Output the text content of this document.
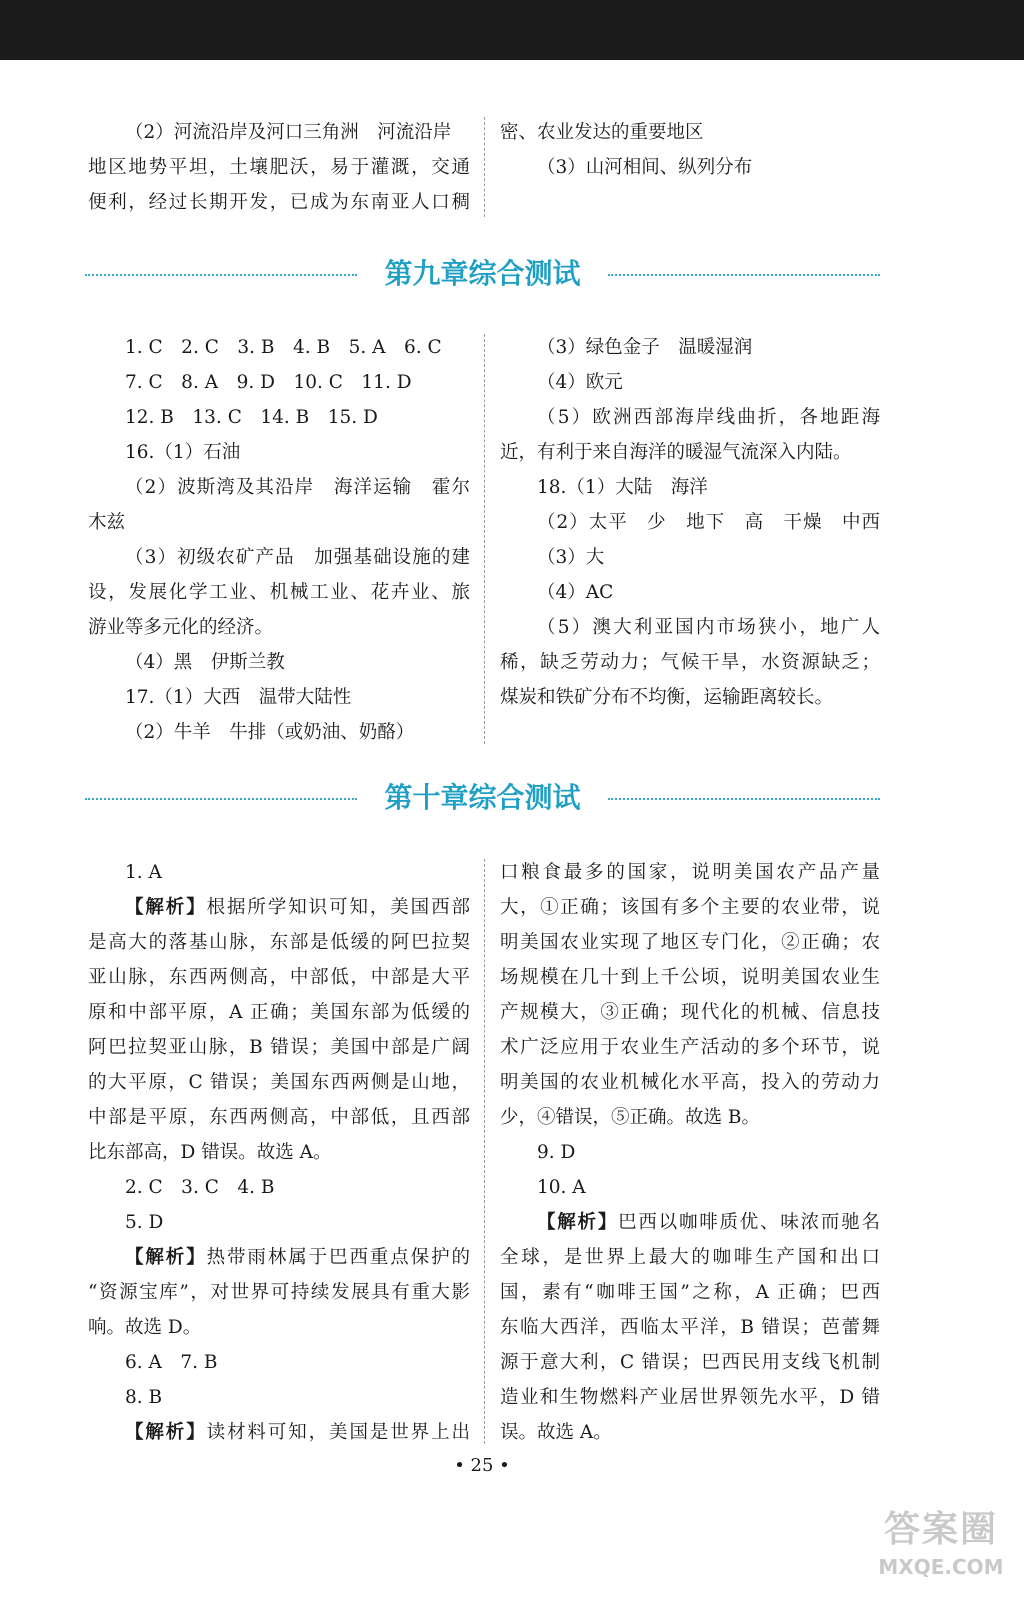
（2）河流沿岸及河口三角洲　河流沿岸
地区地势平坦，土壤肥沃，易于灌溉，交通
便利，经过长期开发，已成为东南亚人口稠
密、农业发达的重要地区
（3）山河相间、纵列分布
第九章综合测试
1. C　2. C　3. B　4. B　5. A　6. C
7. C　8. A　9. D　10. C　11. D
12. B　13. C　14. B　15. D
16.（1）石油
（2）波斯湾及其沿岸　海洋运输　霍尔
木兹
（3）初级农矿产品　加强基础设施的建
设，发展化学工业、机械工业、花卉业、旅
游业等多元化的经济。
（4）黑　伊斯兰教
17.（1）大西　温带大陆性
（2）牛羊　牛排（或奶油、奶酪）
（3）绿色金子　温暖湿润
（4）欧元
（5）欧洲西部海岸线曲折，各地距海
近，有利于来自海洋的暖湿气流深入内陆。
18.（1）大陆　海洋
（2）太平　少　地下　高　干燥　中西
（3）大
（4）AC
（5）澳大利亚国内市场狭小，地广人
稀，缺乏劳动力；气候干旱，水资源缺乏；
煤炭和铁矿分布不均衡，运输距离较长。
第十章综合测试
1. A
【解析】根据所学知识可知，美国西部
是高大的落基山脉，东部是低缓的阿巴拉契
亚山脉，东西两侧高，中部低，中部是大平
原和中部平原，A 正确；美国东部为低缓的
阿巴拉契亚山脉，B 错误；美国中部是广阔
的大平原，C 错误；美国东西两侧是山地，
中部是平原，东西两侧高，中部低，且西部
比东部高，D 错误。故选 A。
2. C　3. C　4. B
5. D
【解析】热带雨林属于巴西重点保护的
“资源宝库”，对世界可持续发展具有重大影
响。故选 D。
6. A　7. B
8. B
【解析】读材料可知，美国是世界上出
口粮食最多的国家，说明美国农产品产量
大，①正确；该国有多个主要的农业带，说
明美国农业实现了地区专门化，②正确；农
场规模在几十到上千公顷，说明美国农业生
产规模大，③正确；现代化的机械、信息技
术广泛应用于农业生产活动的多个环节，说
明美国的农业机械化水平高，投入的劳动力
少，④错误，⑤正确。故选 B。
9. D
10. A
【解析】巴西以咖啡质优、味浓而驰名
全球，是世界上最大的咖啡生产国和出口
国，素有“咖啡王国”之称，A 正确；巴西
东临大西洋，西临太平洋，B 错误；芭蕾舞
源于意大利，C 错误；巴西民用支线飞机制
造业和生物燃料产业居世界领先水平，D 错
误。故选 A。
• 25 •
答案圈
MXQE.COM
